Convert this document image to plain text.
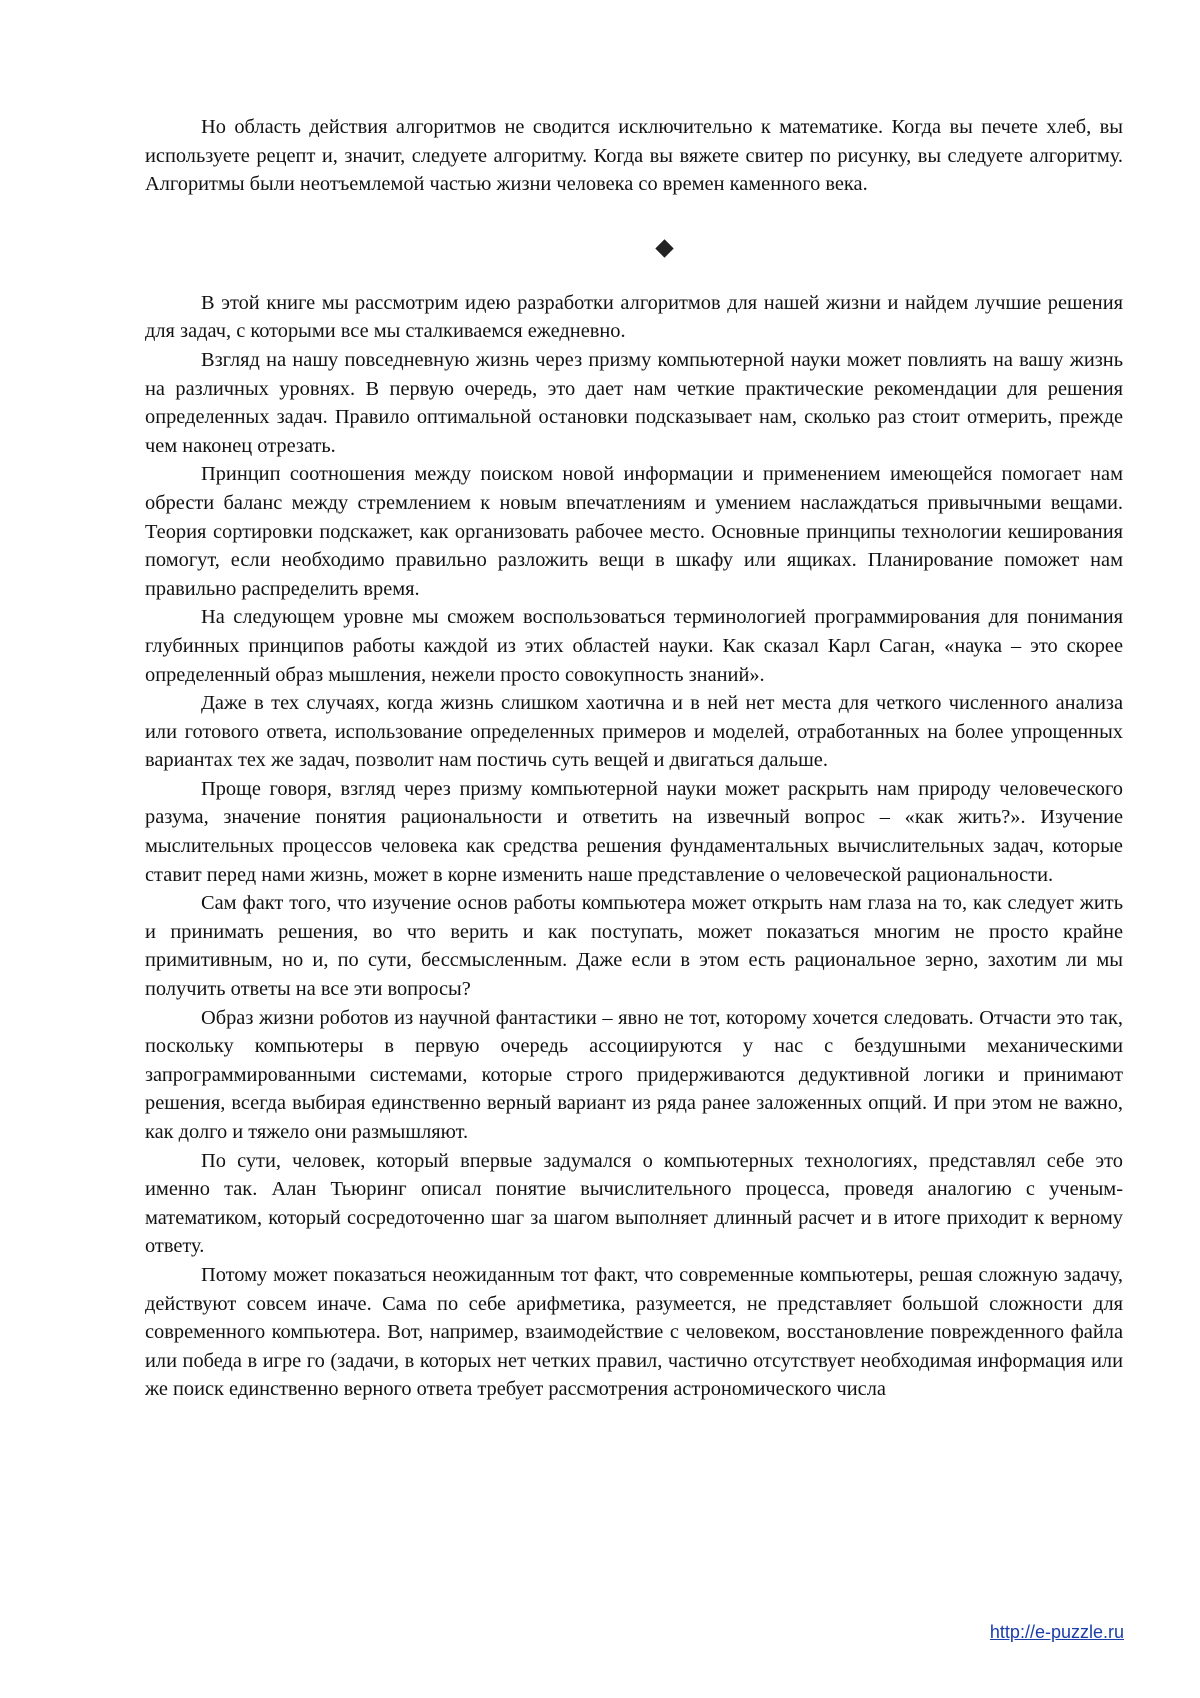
Но область действия алгоритмов не сводится исключительно к математике. Когда вы печете хлеб, вы используете рецепт и, значит, следуете алгоритму. Когда вы вяжете свитер по рисунку, вы следуете алгоритму. Алгоритмы были неотъемлемой частью жизни человека со времен каменного века.

В этой книге мы рассмотрим идею разработки алгоритмов для нашей жизни и найдем лучшие решения для задач, с которыми все мы сталкиваемся ежедневно.

Взгляд на нашу повседневную жизнь через призму компьютерной науки может повлиять на вашу жизнь на различных уровнях. В первую очередь, это дает нам четкие практические рекомендации для решения определенных задач. Правило оптимальной остановки подсказывает нам, сколько раз стоит отмерить, прежде чем наконец отрезать.

Принцип соотношения между поиском новой информации и применением имеющейся помогает нам обрести баланс между стремлением к новым впечатлениям и умением наслаждаться привычными вещами. Теория сортировки подскажет, как организовать рабочее место. Основные принципы технологии кеширования помогут, если необходимо правильно разложить вещи в шкафу или ящиках. Планирование поможет нам правильно распределить время.

На следующем уровне мы сможем воспользоваться терминологией программирования для понимания глубинных принципов работы каждой из этих областей науки. Как сказал Карл Саган, «наука – это скорее определенный образ мышления, нежели просто совокупность знаний».

Даже в тех случаях, когда жизнь слишком хаотична и в ней нет места для четкого численного анализа или готового ответа, использование определенных примеров и моделей, отработанных на более упрощенных вариантах тех же задач, позволит нам постичь суть вещей и двигаться дальше.

Проще говоря, взгляд через призму компьютерной науки может раскрыть нам природу человеческого разума, значение понятия рациональности и ответить на извечный вопрос – «как жить?». Изучение мыслительных процессов человека как средства решения фундаментальных вычислительных задач, которые ставит перед нами жизнь, может в корне изменить наше представление о человеческой рациональности.

Сам факт того, что изучение основ работы компьютера может открыть нам глаза на то, как следует жить и принимать решения, во что верить и как поступать, может показаться многим не просто крайне примитивным, но и, по сути, бессмысленным. Даже если в этом есть рациональное зерно, захотим ли мы получить ответы на все эти вопросы?

Образ жизни роботов из научной фантастики – явно не тот, которому хочется следовать. Отчасти это так, поскольку компьютеры в первую очередь ассоциируются у нас с бездушными механическими запрограммированными системами, которые строго придерживаются дедуктивной логики и принимают решения, всегда выбирая единственно верный вариант из ряда ранее заложенных опций. И при этом не важно, как долго и тяжело они размышляют.

По сути, человек, который впервые задумался о компьютерных технологиях, представлял себе это именно так. Алан Тьюринг описал понятие вычислительного процесса, проведя аналогию с ученым-математиком, который сосредоточенно шаг за шагом выполняет длинный расчет и в итоге приходит к верному ответу.

Потому может показаться неожиданным тот факт, что современные компьютеры, решая сложную задачу, действуют совсем иначе. Сама по себе арифметика, разумеется, не представляет большой сложности для современного компьютера. Вот, например, взаимодействие с человеком, восстановление поврежденного файла или победа в игре го (задачи, в которых нет четких правил, частично отсутствует необходимая информация или же поиск единственно верного ответа требует рассмотрения астрономического числа

http://e-puzzle.ru
